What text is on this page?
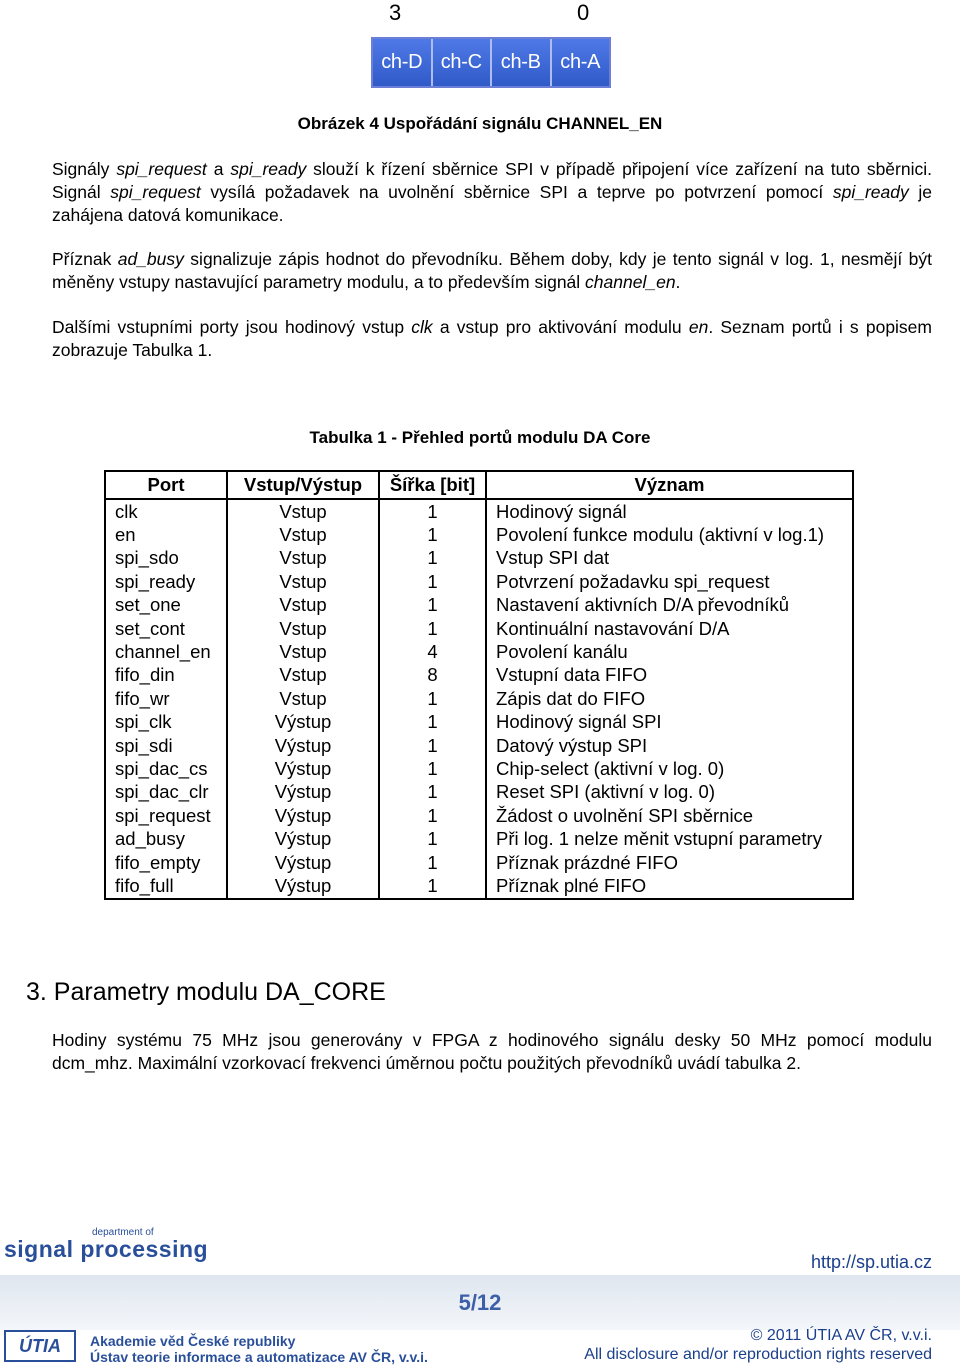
3	0
ch-D ch-C ch-B ch-A
Obrázek 4 Uspořádání signálu CHANNEL_EN
Signály spi_request a spi_ready slouží k řízení sběrnice SPI v případě připojení více zařízení na tuto sběrnici. Signál spi_request vysílá požadavek na uvolnění sběrnice SPI a teprve po potvrzení pomocí spi_ready je zahájena datová komunikace.
Příznak ad_busy signalizuje zápis hodnot do převodníku. Během doby, kdy je tento signál v log. 1, nesmějí být měněny vstupy nastavující parametry modulu, a to především signál channel_en.
Dalšími vstupními porty jsou hodinový vstup clk a vstup pro aktivování modulu en. Seznam portů i s popisem zobrazuje Tabulka 1.
Tabulka 1 - Přehled portů modulu DA Core
Port	Vstup/Výstup	Šířka [bit]	Význam
clk	Vstup	1	Hodinový signál
en	Vstup	1	Povolení funkce modulu (aktivní v log.1)
spi_sdo	Vstup	1	Vstup SPI dat
spi_ready	Vstup	1	Potvrzení požadavku spi_request
set_one	Vstup	1	Nastavení aktivních D/A převodníků
set_cont	Vstup	1	Kontinuální nastavování D/A
channel_en	Vstup	4	Povolení kanálu
fifo_din	Vstup	8	Vstupní data FIFO
fifo_wr	Vstup	1	Zápis dat do FIFO
spi_clk	Výstup	1	Hodinový signál SPI
spi_sdi	Výstup	1	Datový výstup SPI
spi_dac_cs	Výstup	1	Chip-select (aktivní v log. 0)
spi_dac_clr	Výstup	1	Reset SPI (aktivní v log. 0)
spi_request	Výstup	1	Žádost o uvolnění SPI sběrnice
ad_busy	Výstup	1	Při log. 1 nelze měnit vstupní parametry
fifo_empty	Výstup	1	Příznak prázdné FIFO
fifo_full	Výstup	1	Příznak plné FIFO
3. Parametry modulu DA_CORE
Hodiny systému 75 MHz jsou generovány v FPGA z hodinového signálu desky 50 MHz pomocí modulu dcm_mhz. Maximální vzorkovací frekvenci úměrnou počtu použitých převodníků uvádí tabulka 2.
department of
signal processing	http://sp.utia.cz
5/12
ÚTIA	Akademie věd České republiky
Ústav teorie informace a automatizace AV ČR, v.v.i.
© 2011 ÚTIA AV ČR, v.v.i.
All disclosure and/or reproduction rights reserved
